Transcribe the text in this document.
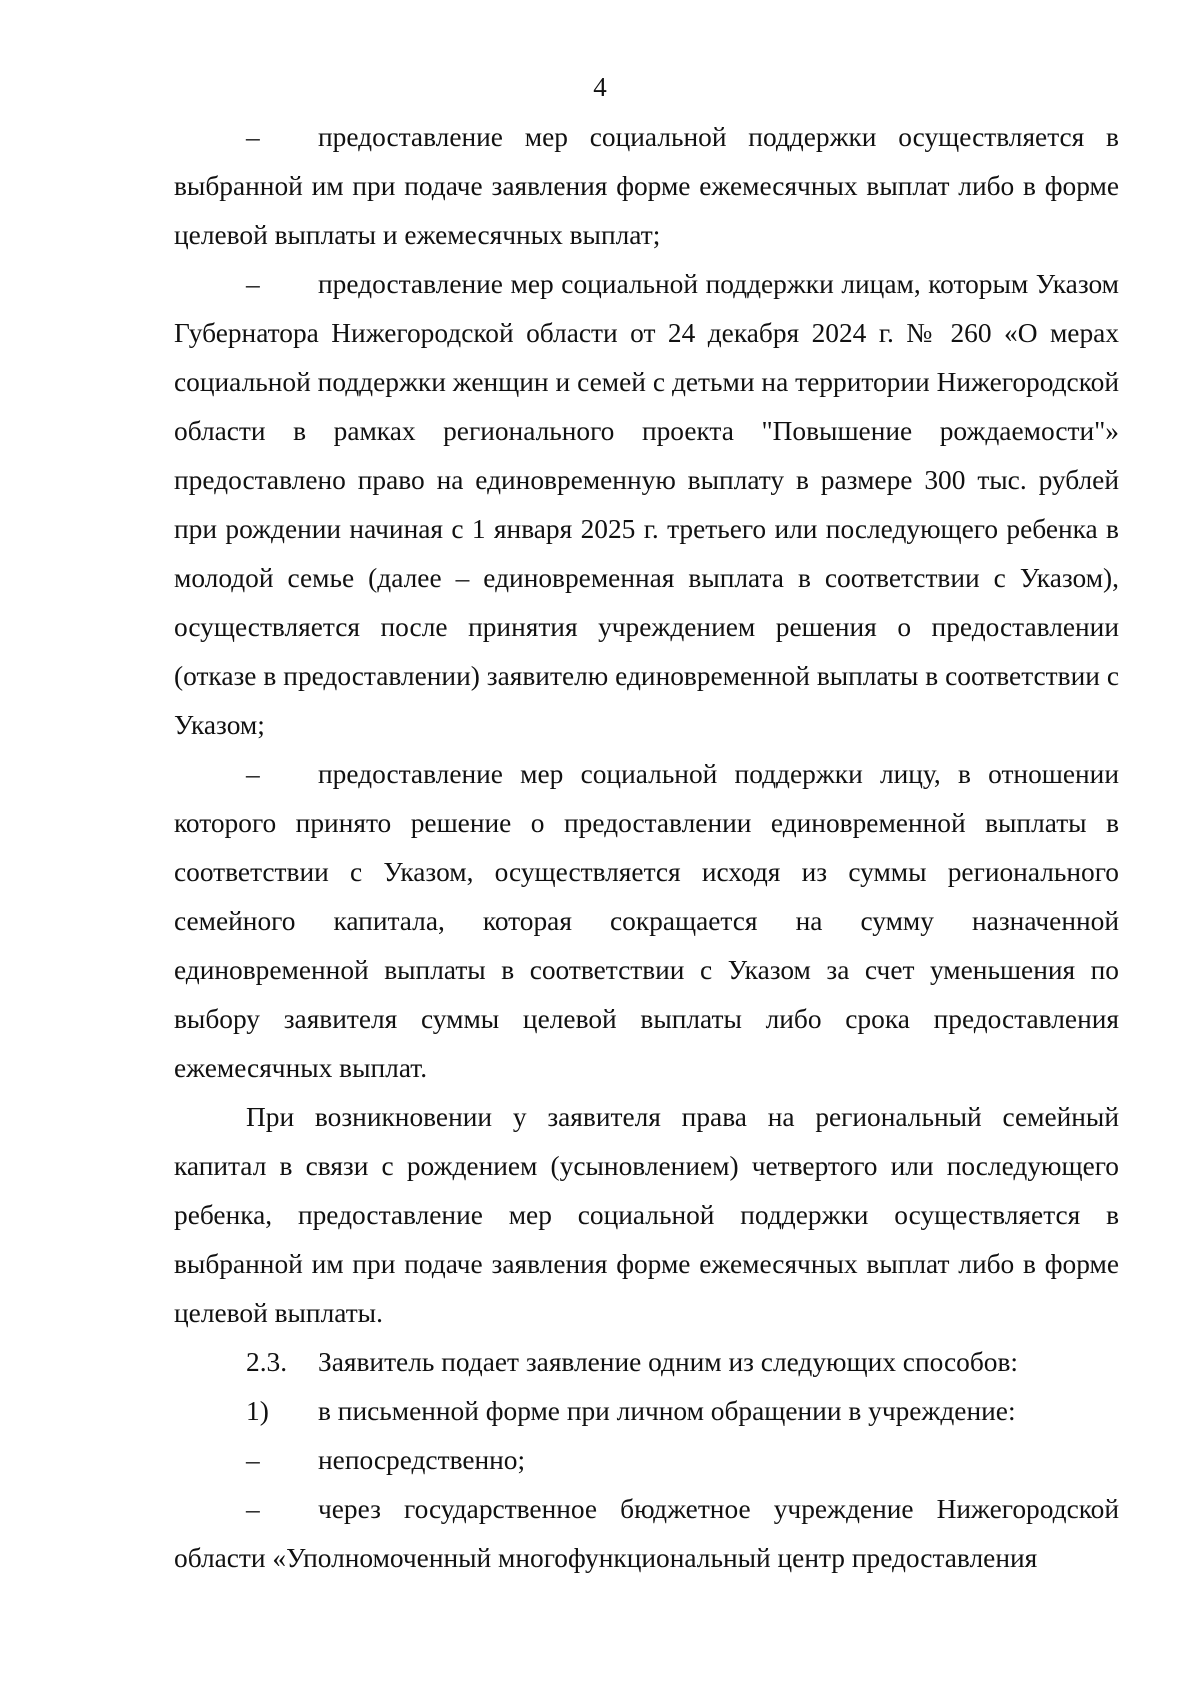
4

– предоставление мер социальной поддержки осуществляется в выбранной им при подаче заявления форме ежемесячных выплат либо в форме целевой выплаты и ежемесячных выплат;

– предоставление мер социальной поддержки лицам, которым Указом Губернатора Нижегородской области от 24 декабря 2024 г. № 260 «О мерах социальной поддержки женщин и семей с детьми на территории Нижегородской области в рамках регионального проекта "Повышение рождаемости"» предоставлено право на единовременную выплату в размере 300 тыс. рублей при рождении начиная с 1 января 2025 г. третьего или последующего ребенка в молодой семье (далее – единовременная выплата в соответствии с Указом), осуществляется после принятия учреждением решения о предоставлении (отказе в предоставлении) заявителю единовременной выплаты в соответствии с Указом;

– предоставление мер социальной поддержки лицу, в отношении которого принято решение о предоставлении единовременной выплаты в соответствии с Указом, осуществляется исходя из суммы регионального семейного капитала, которая сокращается на сумму назначенной единовременной выплаты в соответствии с Указом за счет уменьшения по выбору заявителя суммы целевой выплаты либо срока предоставления ежемесячных выплат.

При возникновении у заявителя права на региональный семейный капитал в связи с рождением (усыновлением) четвертого или последующего ребенка, предоставление мер социальной поддержки осуществляется в выбранной им при подаче заявления форме ежемесячных выплат либо в форме целевой выплаты.

2.3. Заявитель подает заявление одним из следующих способов:

1) в письменной форме при личном обращении в учреждение:

– непосредственно;

– через государственное бюджетное учреждение Нижегородской области «Уполномоченный многофункциональный центр предоставления
